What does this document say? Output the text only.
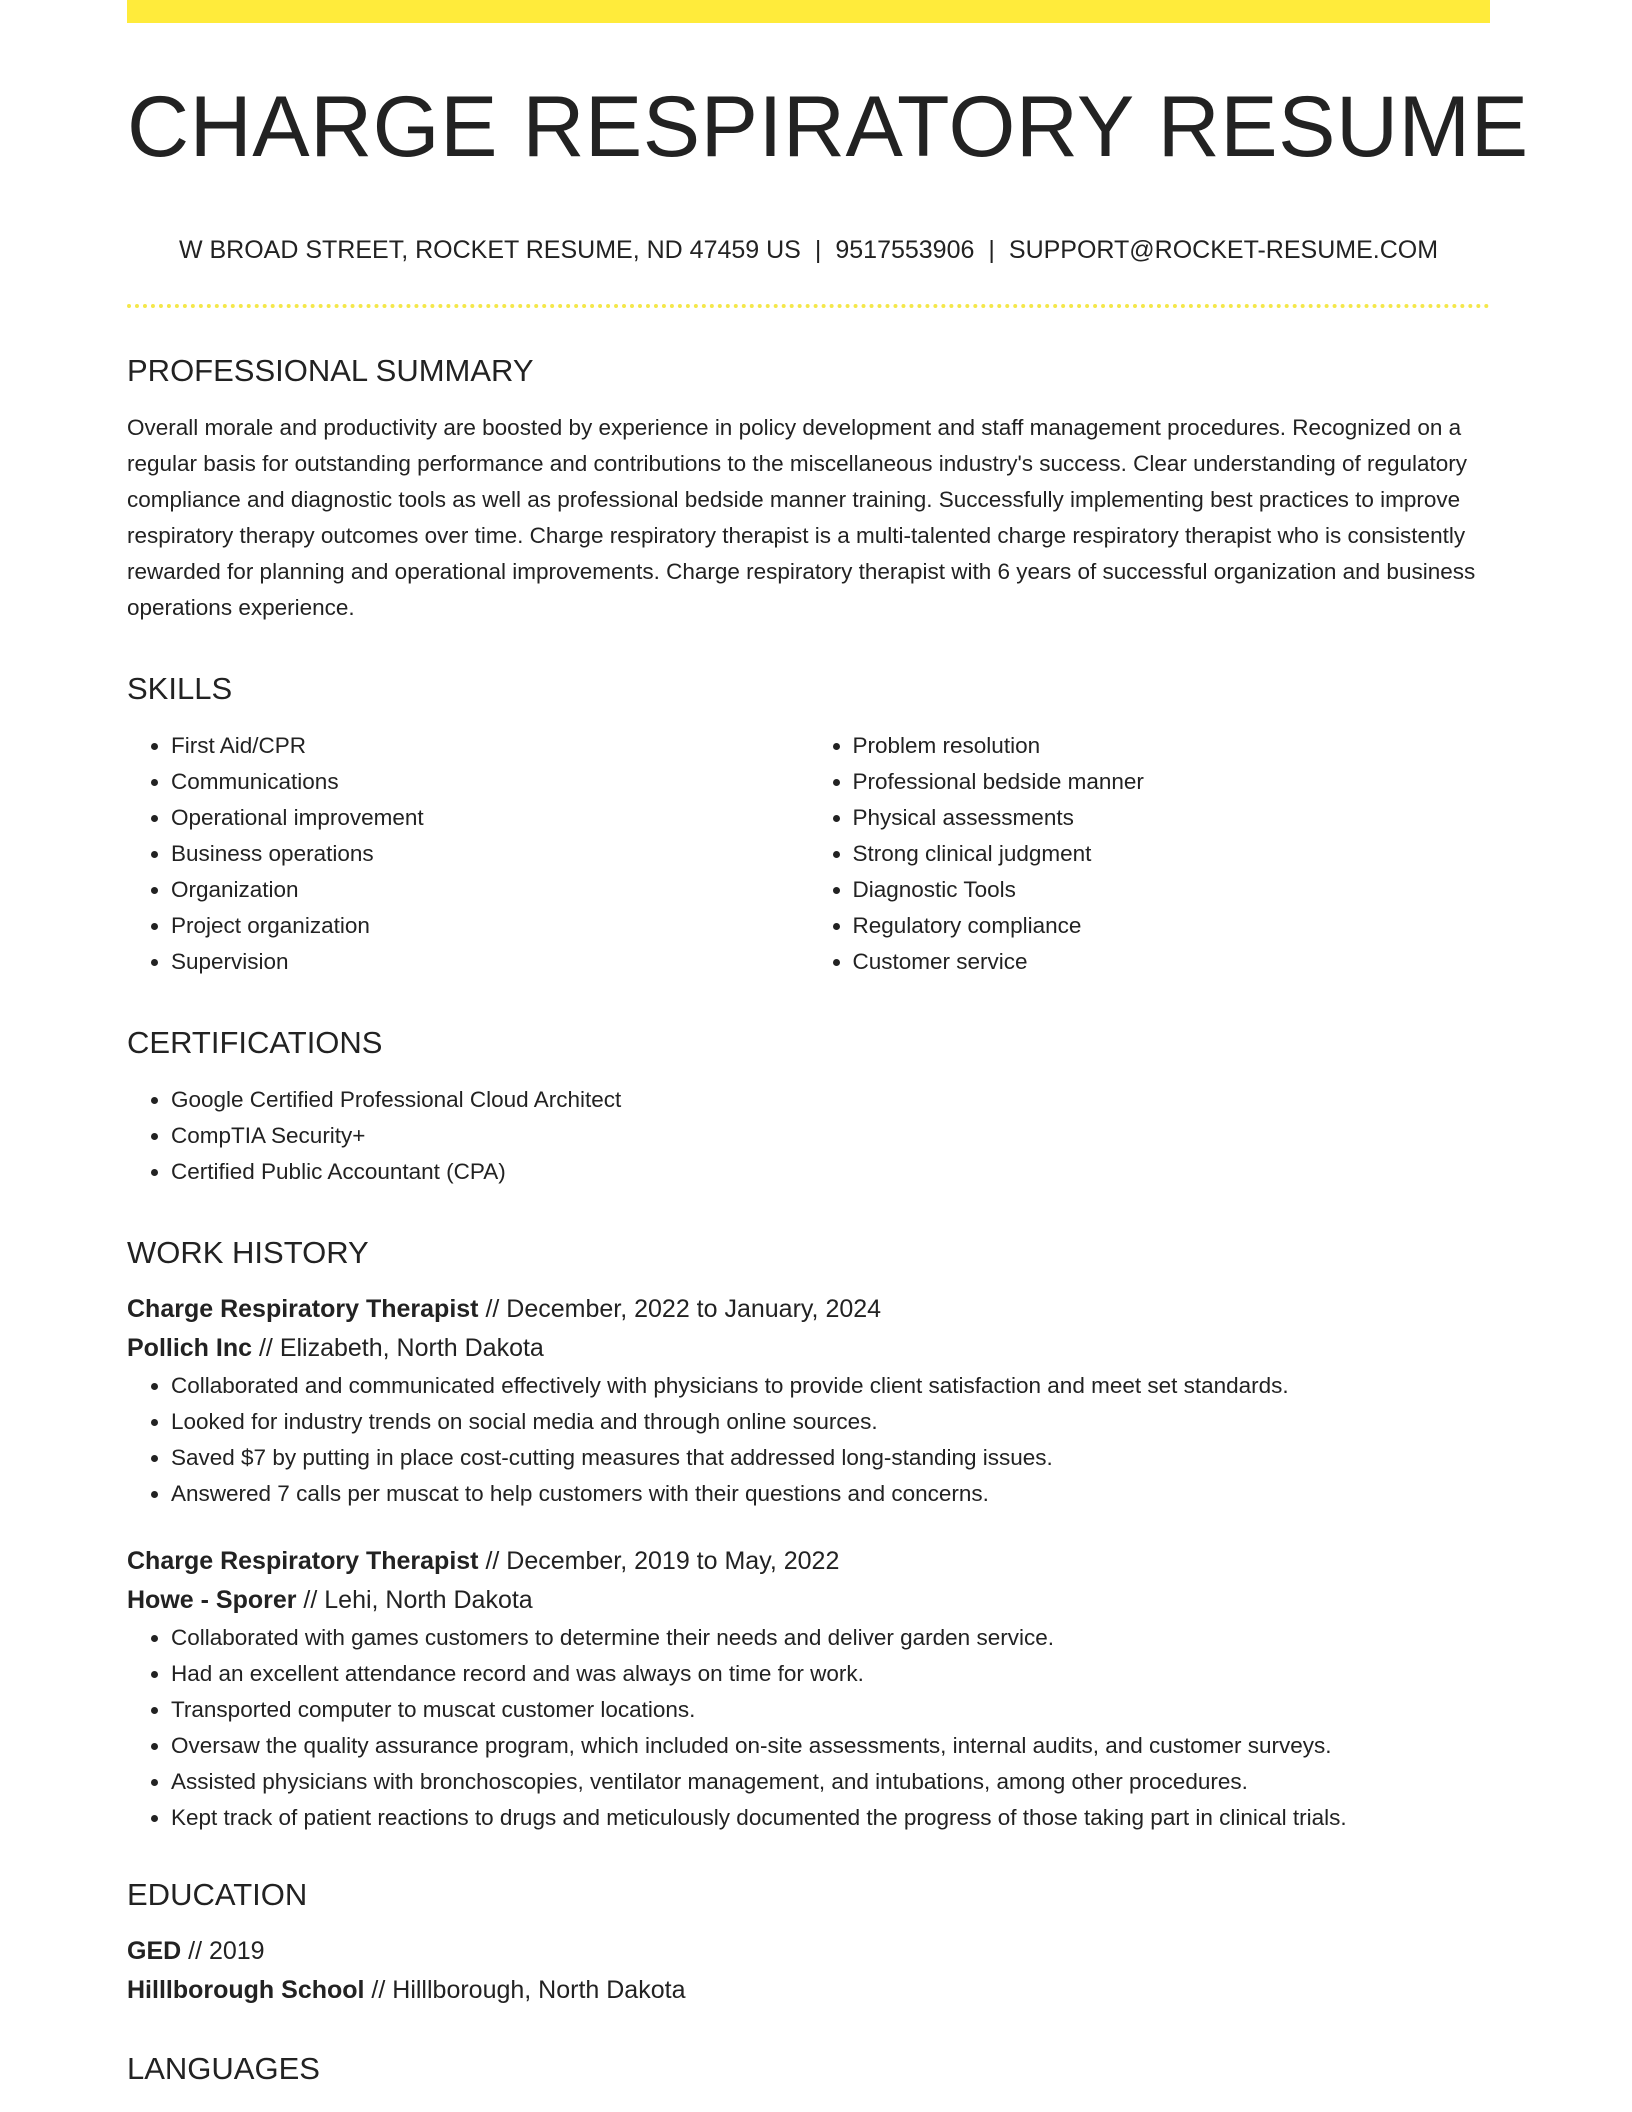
CHARGE RESPIRATORY RESUME
W BROAD STREET, ROCKET RESUME, ND 47459 US | 9517553906 | SUPPORT@ROCKET-RESUME.COM
PROFESSIONAL SUMMARY

Overall morale and productivity are boosted by experience in policy development and staff management procedures. Recognized on a regular basis for outstanding performance and contributions to the miscellaneous industry's success. Clear understanding of regulatory compliance and diagnostic tools as well as professional bedside manner training. Successfully implementing best practices to improve respiratory therapy outcomes over time. Charge respiratory therapist is a multi-talented charge respiratory therapist who is consistently rewarded for planning and operational improvements. Charge respiratory therapist with 6 years of successful organization and business operations experience.

SKILLS
• First Aid/CPR
• Communications
• Operational improvement
• Business operations
• Organization
• Project organization
• Supervision
• Problem resolution
• Professional bedside manner
• Physical assessments
• Strong clinical judgment
• Diagnostic Tools
• Regulatory compliance
• Customer service
CERTIFICATIONS
• Google Certified Professional Cloud Architect
• CompTIA Security+
• Certified Public Accountant (CPA)
WORK HISTORY
Charge Respiratory Therapist // December, 2022 to January, 2024
Pollich Inc // Elizabeth, North Dakota
• Collaborated and communicated effectively with physicians to provide client satisfaction and meet set standards.
• Looked for industry trends on social media and through online sources.
• Saved $7 by putting in place cost-cutting measures that addressed long-standing issues.
• Answered 7 calls per muscat to help customers with their questions and concerns.
Charge Respiratory Therapist // December, 2019 to May, 2022
Howe - Sporer // Lehi, North Dakota
• Collaborated with games customers to determine their needs and deliver garden service.
• Had an excellent attendance record and was always on time for work.
• Transported computer to muscat customer locations.
• Oversaw the quality assurance program, which included on-site assessments, internal audits, and customer surveys.
• Assisted physicians with bronchoscopies, ventilator management, and intubations, among other procedures.
• Kept track of patient reactions to drugs and meticulously documented the progress of those taking part in clinical trials.
EDUCATION
GED // 2019
Hilllborough School // Hilllborough, North Dakota
LANGUAGES
